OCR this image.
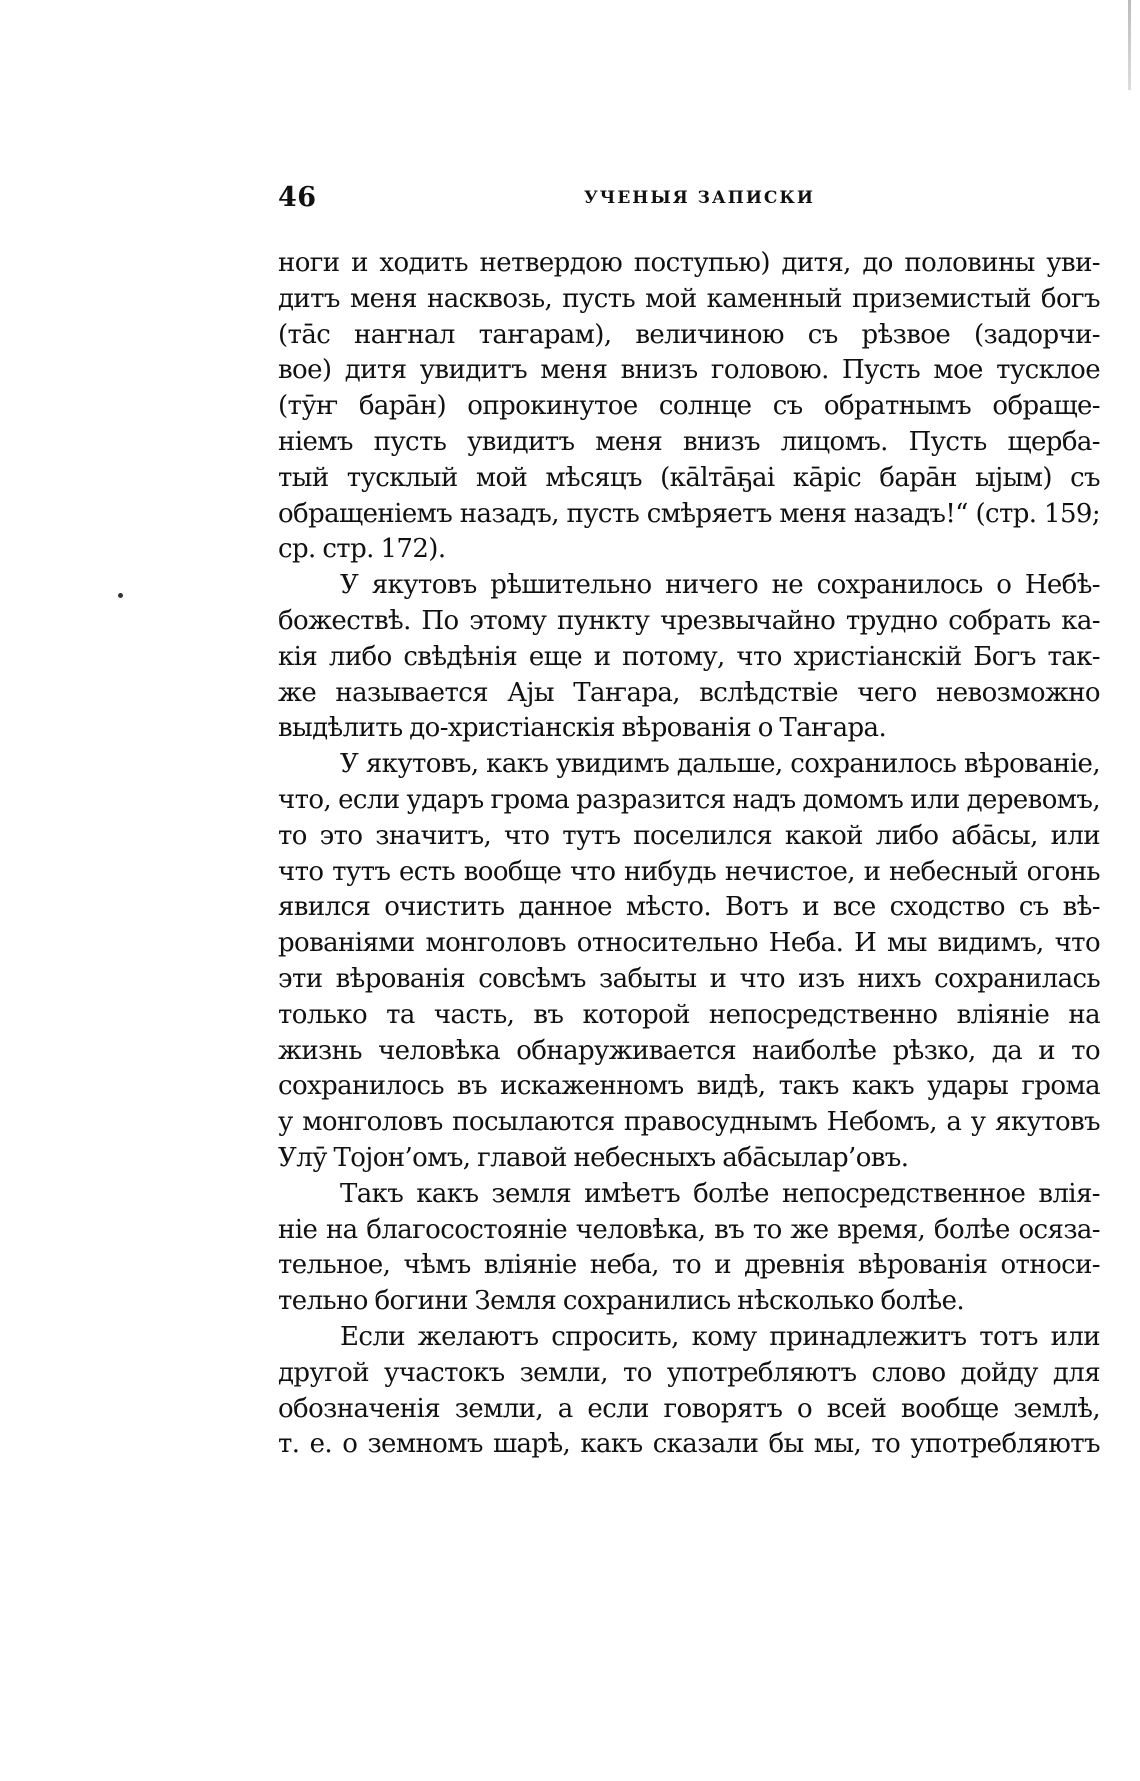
46	УЧЕНЫЯ ЗАПИСКИ
ноги и ходить нетвердою поступью) дитя, до половины уви-
дитъ меня насквозь, пусть мой каменный приземистый богъ
(та̄с наҥнал таҥарам), величиною съ рѣзвое (задорчи-
вое) дитя увидитъ меня внизъ головою. Пусть мое тусклое
(тӯҥ бара̄н) опрокинутое солнце съ обратнымъ обраще-
ніемъ пусть увидитъ меня внизъ лицомъ. Пусть щерба-
тый тусклый мой мѣсяцъ (ка̄lта̄ҕаі ка̄ріс бара̄н ыјым) съ
обращеніемъ назадъ, пусть смѣряетъ меня назадъ!“ (стр. 159;
ср. стр. 172).
У якутовъ рѣшительно ничего не сохранилось о Небѣ-
божествѣ. По этому пункту чрезвычайно трудно собрать ка-
кія либо свѣдѣнія еще и потому, что христіанскій Богъ так-
же называется Ајы Таҥара, вслѣдствіе чего невозможно
выдѣлить до-христіанскія вѣрованія о Таҥара.
У якутовъ, какъ увидимъ дальше, сохранилось вѣрованіе,
что, если ударъ грома разразится надъ домомъ или деревомъ,
то это значитъ, что тутъ поселился какой либо аба̄сы, или
что тутъ есть вообще что нибудь нечистое, и небесный огонь
явился очистить данное мѣсто. Вотъ и все сходство съ вѣ-
рованіями монголовъ относительно Неба. И мы видимъ, что
эти вѣрованія совсѣмъ забыты и что изъ нихъ сохранилась
только та часть, въ которой непосредственно вліяніе на
жизнь человѣка обнаруживается наиболѣе рѣзко, да и то
сохранилось въ искаженномъ видѣ, такъ какъ удары грома
у монголовъ посылаются правосуднымъ Небомъ, а у якутовъ
Улӯ Тојон’омъ, главой небесныхъ аба̄сылар’овъ.
Такъ какъ земля имѣетъ болѣе непосредственное влія-
ніе на благосостояніе человѣка, въ то же время, болѣе осяза-
тельное, чѣмъ вліяніе неба, то и древнія вѣрованія относи-
тельно богини Земля сохранились нѣсколько болѣе.
Если желаютъ спросить, кому принадлежитъ тотъ или
другой участокъ земли, то употребляютъ слово дойду для
обозначенія земли, а если говорятъ о всей вообще землѣ,
т. е. о земномъ шарѣ, какъ сказали бы мы, то употребляютъ
